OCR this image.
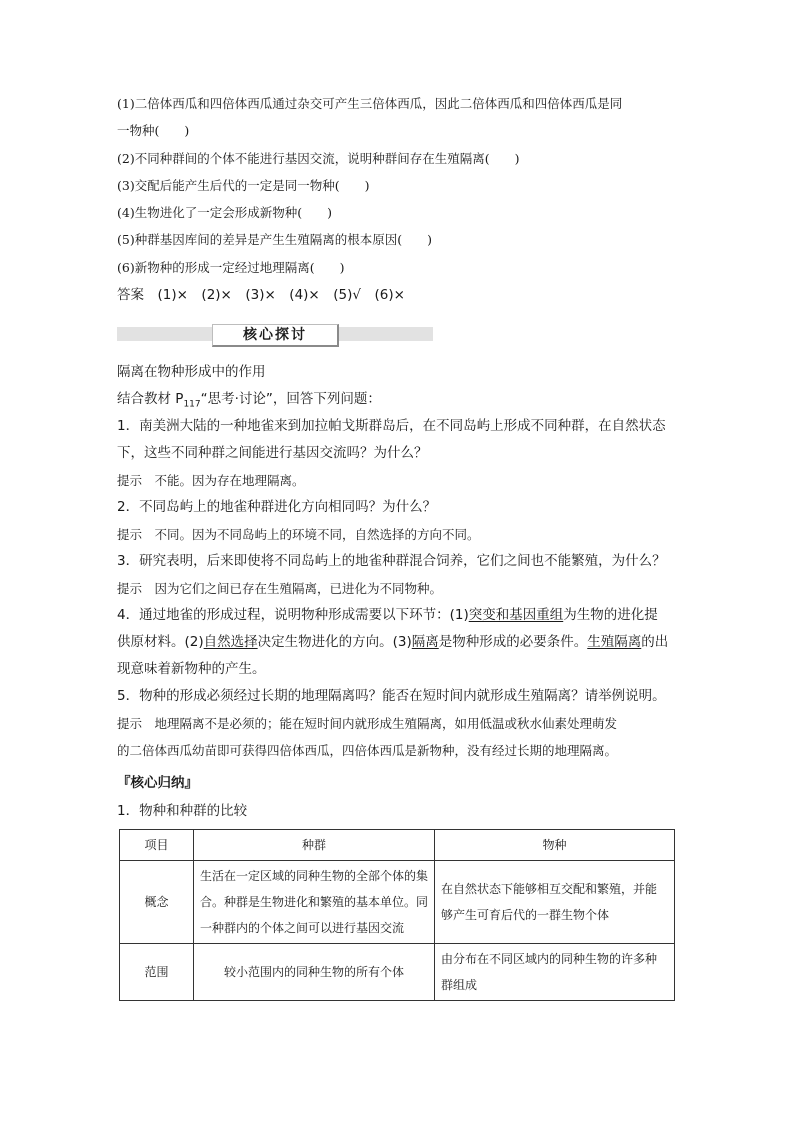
(1)二倍体西瓜和四倍体西瓜通过杂交可产生三倍体西瓜，因此二倍体西瓜和四倍体西瓜是同
一物种(　　)
(2)不同种群间的个体不能进行基因交流，说明种群间存在生殖隔离(　　)
(3)交配后能产生后代的一定是同一物种(　　)
(4)生物进化了一定会形成新物种(　　)
(5)种群基因库间的差异是产生生殖隔离的根本原因(　　)
(6)新物种的形成一定经过地理隔离(　　)
答案　(1)×　(2)×　(3)×　(4)×　(5)√　(6)×
核心探讨
隔离在物种形成中的作用
结合教材 $P_{117}“$思考·讨论”，回答下列问题：
1．南美洲大陆的一种地雀来到加拉帕戈斯群岛后，在不同岛屿上形成不同种群，在自然状态
下，这些不同种群之间能进行基因交流吗？为什么？
提示　不能。因为存在地理隔离。
2．不同岛屿上的地雀种群进化方向相同吗？为什么？
提示　不同。因为不同岛屿上的环境不同，自然选择的方向不同。
3．研究表明，后来即使将不同岛屿上的地雀种群混合饲养，它们之间也不能繁殖，为什么？
提示　因为它们之间已存在生殖隔离，已进化为不同物种。
4．通过地雀的形成过程，说明物种形成需要以下环节：(1)突变和基因重组为生物的进化提
供原材料。(2)自然选择决定生物进化的方向。(3)隔离是物种形成的必要条件。生殖隔离的出
现意味着新物种的产生。
5．物种的形成必须经过长期的地理隔离吗？能否在短时间内就形成生殖隔离？请举例说明。
提示　地理隔离不是必须的；能在短时间内就形成生殖隔离，如用低温或秋水仙素处理萌发
的二倍体西瓜幼苗即可获得四倍体西瓜，四倍体西瓜是新物种，没有经过长期的地理隔离。
『核心归纳』
1．物种和种群的比较
项目	种群	物种
概念	生活在一定区域的同种生物的全部个体的集合。种群是生物进化和繁殖的基本单位。同一种群内的个体之间可以进行基因交流	在自然状态下能够相互交配和繁殖，并能够产生可育后代的一群生物个体
范围	较小范围内的同种生物的所有个体	由分布在不同区域内的同种生物的许多种群组成
